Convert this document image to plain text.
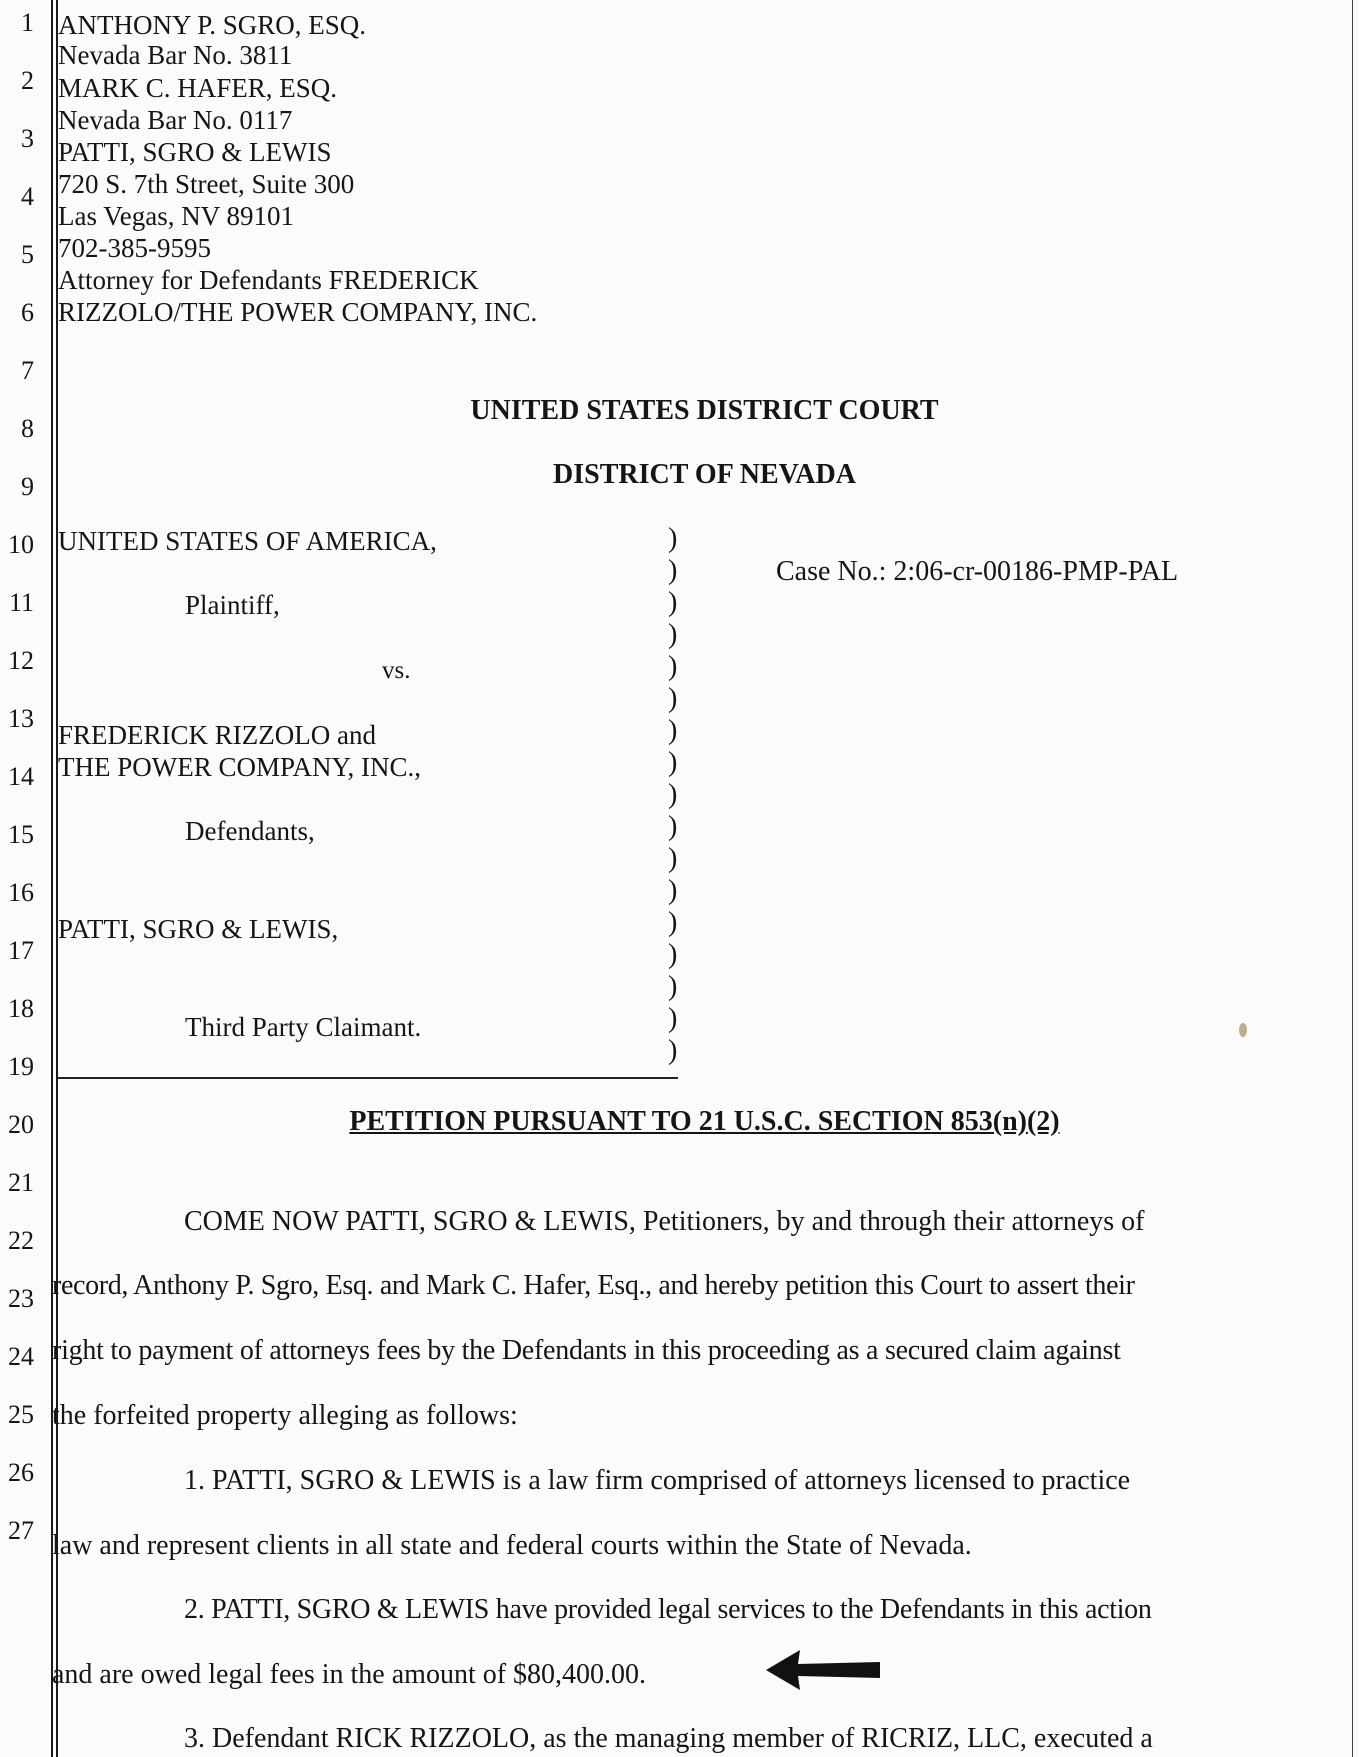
1
2
3
4
5
6
7
8
9
10
11
12
13
14
15
16
17
18
19
20
21
22
23
24
25
26
27
ANTHONY P. SGRO, ESQ.
Nevada Bar No. 3811
MARK C. HAFER, ESQ.
Nevada Bar No. 0117
PATTI, SGRO & LEWIS
720 S. 7th Street, Suite 300
Las Vegas, NV 89101
702-385-9595
Attorney for Defendants FREDERICK
RIZZOLO/THE POWER COMPANY, INC.
UNITED STATES DISTRICT COURT
DISTRICT OF NEVADA
UNITED STATES OF AMERICA,
Plaintiff,
vs.
FREDERICK RIZZOLO and
THE POWER COMPANY, INC.,
Defendants,
PATTI, SGRO & LEWIS,
Third Party Claimant.
)
)
)
)
)
)
)
)
)
)
)
)
)
)
)
)
)
Case No.: 2:06-cr-00186-PMP-PAL
PETITION PURSUANT TO 21 U.S.C. SECTION 853(n)(2)
COME NOW PATTI, SGRO & LEWIS, Petitioners, by and through their attorneys of
record, Anthony P. Sgro, Esq. and Mark C. Hafer, Esq., and hereby petition this Court to assert their
right to payment of attorneys fees by the Defendants in this proceeding as a secured claim against
the forfeited property alleging as follows:
1. PATTI, SGRO & LEWIS is a law firm comprised of attorneys licensed to practice
law and represent clients in all state and federal courts within the State of Nevada.
2. PATTI, SGRO & LEWIS have provided legal services to the Defendants in this action
and are owed legal fees in the amount of $80,400.00.
3. Defendant RICK RIZZOLO, as the managing member of RICRIZ, LLC, executed a
